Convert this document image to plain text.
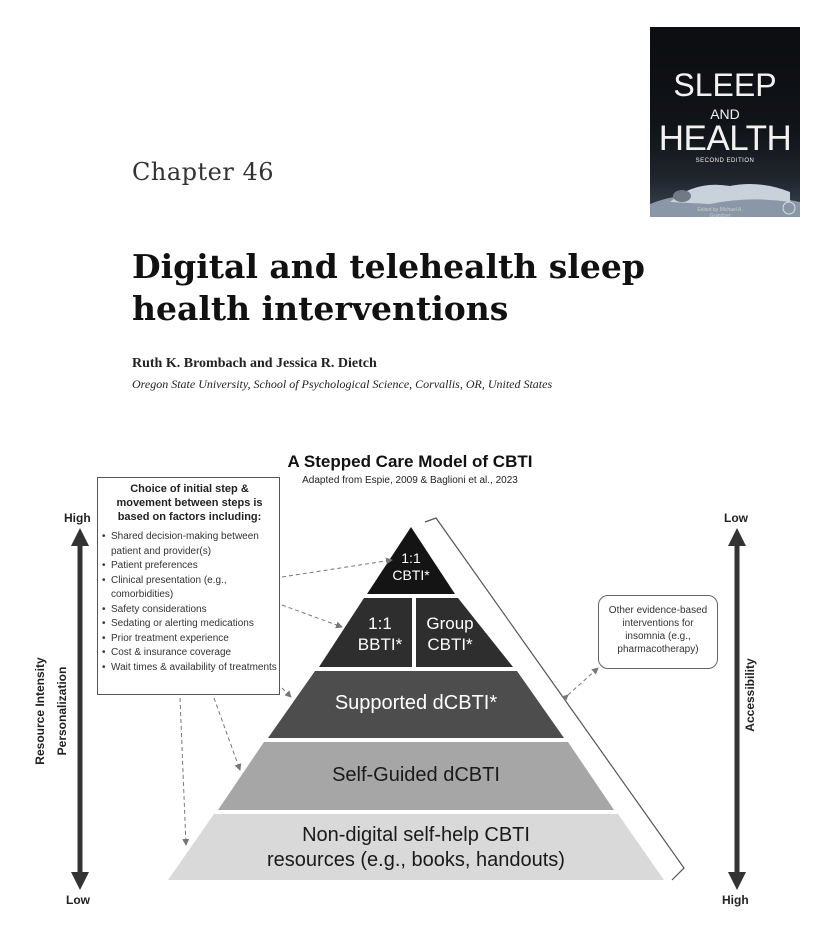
Chapter 46
Digital and telehealth sleep health interventions
Ruth K. Brombach and Jessica R. Dietch
Oregon State University, School of Psychological Science, Corvallis, OR, United States
SLEEP
AND
HEALTH
SECOND EDITION
Edited by Michael A. Grandner
A Stepped Care Model of CBTI
Adapted from Espie, 2009 & Baglioni et al., 2023
1:1
CBTI*
1:1
BBTI*
Group
CBTI*
Supported dCBTI*
Self-Guided dCBTI
Non-digital self-help CBTI
resources (e.g., books, handouts)
Choice of initial step & movement between steps is based on factors including:
• Shared decision-making between patient and provider(s)
• Patient preferences
• Clinical presentation (e.g., comorbidities)
• Safety considerations
• Sedating or alerting medications
• Prior treatment experience
• Cost & insurance coverage
• Wait times & availability of treatments
Other evidence-based interventions for insomnia (e.g., pharmacotherapy)
High
Low
Low
High
Resource Intensity Personalization	Accessibility
